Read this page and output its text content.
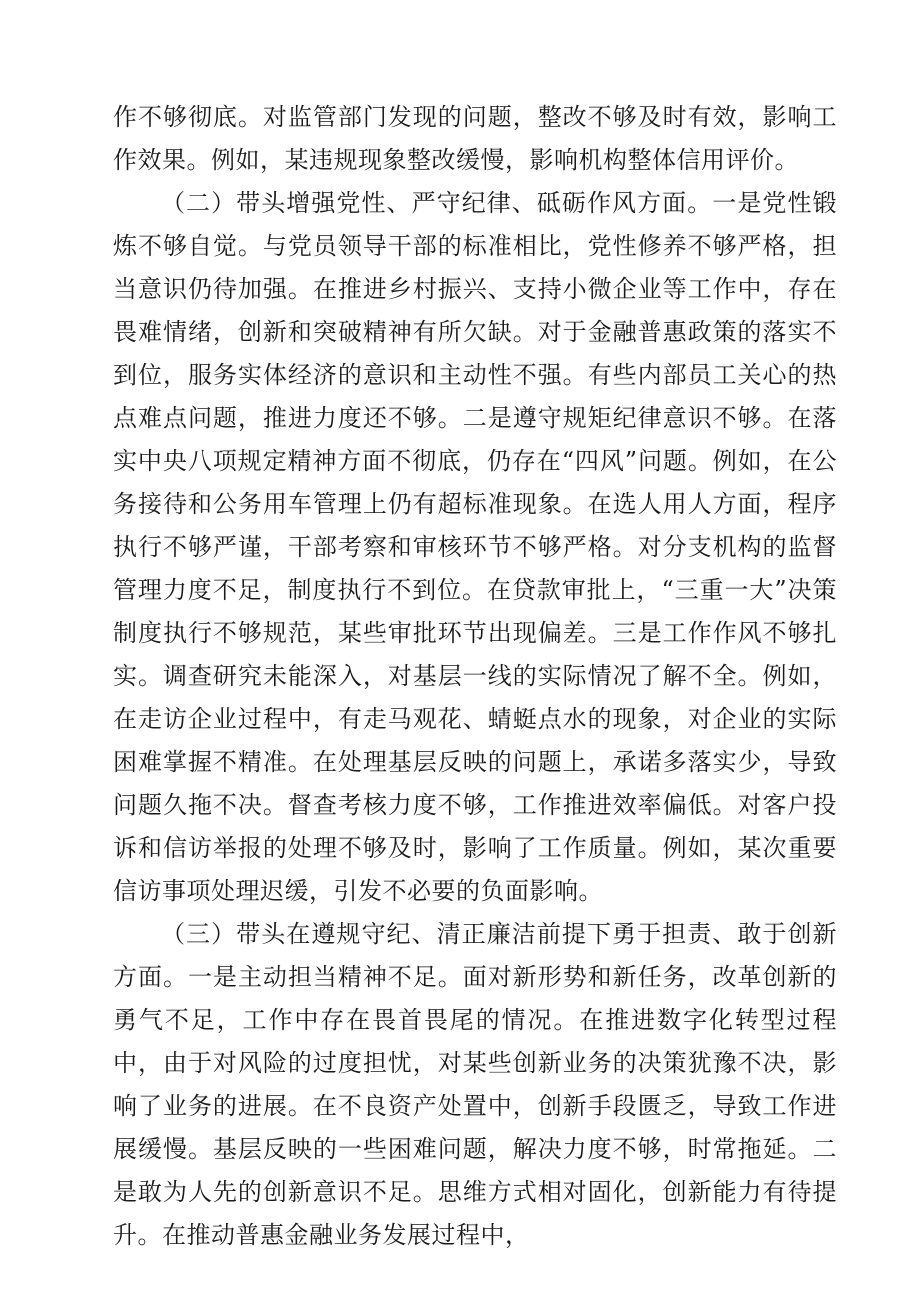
作不够彻底。对监管部门发现的问题，整改不够及时有效，影响工作效果。例如，某违规现象整改缓慢，影响机构整体信用评价。

（二）带头增强党性、严守纪律、砥砺作风方面。一是党性锻炼不够自觉。与党员领导干部的标准相比，党性修养不够严格，担当意识仍待加强。在推进乡村振兴、支持小微企业等工作中，存在畏难情绪，创新和突破精神有所欠缺。对于金融普惠政策的落实不到位，服务实体经济的意识和主动性不强。有些内部员工关心的热点难点问题，推进力度还不够。二是遵守规矩纪律意识不够。在落实中央八项规定精神方面不彻底，仍存在“四风”问题。例如，在公务接待和公务用车管理上仍有超标准现象。在选人用人方面，程序执行不够严谨，干部考察和审核环节不够严格。对分支机构的监督管理力度不足，制度执行不到位。在贷款审批上，“三重一大”决策制度执行不够规范，某些审批环节出现偏差。三是工作作风不够扎实。调查研究未能深入，对基层一线的实际情况了解不全。例如，在走访企业过程中，有走马观花、蜻蜓点水的现象，对企业的实际困难掌握不精准。在处理基层反映的问题上，承诺多落实少，导致问题久拖不决。督查考核力度不够，工作推进效率偏低。对客户投诉和信访举报的处理不够及时，影响了工作质量。例如，某次重要信访事项处理迟缓，引发不必要的负面影响。

（三）带头在遵规守纪、清正廉洁前提下勇于担责、敢于创新方面。一是主动担当精神不足。面对新形势和新任务，改革创新的勇气不足，工作中存在畏首畏尾的情况。在推进数字化转型过程中，由于对风险的过度担忧，对某些创新业务的决策犹豫不决，影响了业务的进展。在不良资产处置中，创新手段匮乏，导致工作进展缓慢。基层反映的一些困难问题，解决力度不够，时常拖延。二是敢为人先的创新意识不足。思维方式相对固化，创新能力有待提升。在推动普惠金融业务发展过程中，
